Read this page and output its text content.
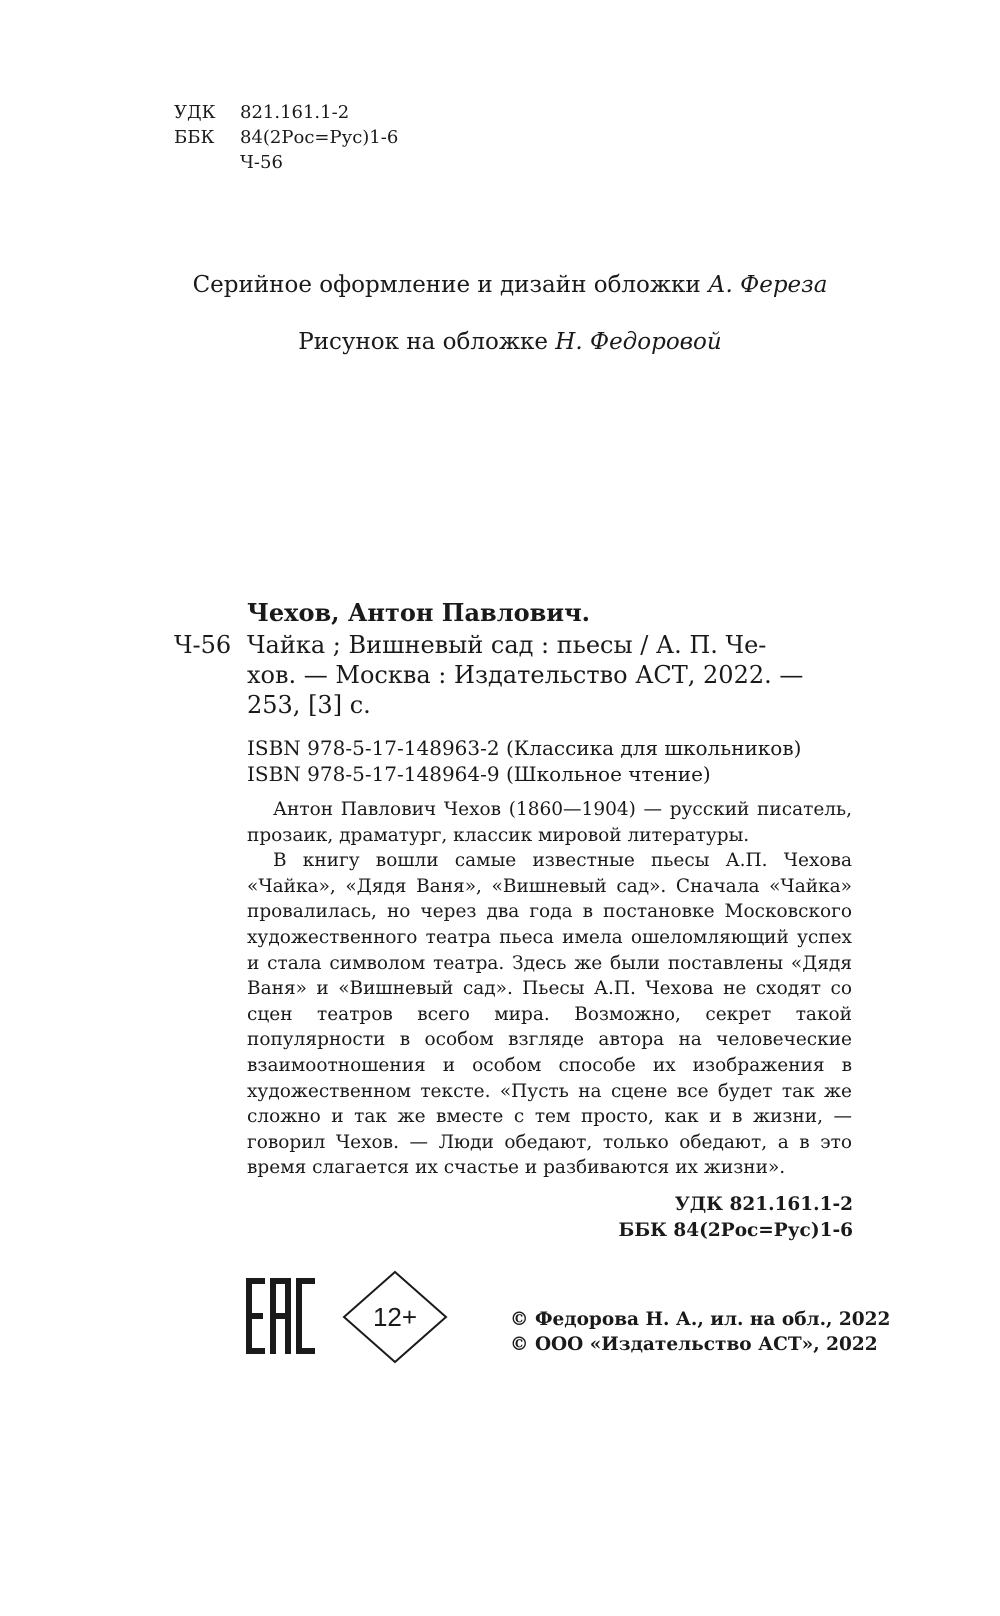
УДК	821.161.1-2
ББК	84(2Рос=Рус)1-6
Ч-56
Серийное оформление и дизайн обложки А. Фереза
Рисунок на обложке Н. Федоровой
Чехов, Антон Павлович.
Ч-56 Чайка ; Вишневый сад : пьесы / А. П. Че-
хов. — Москва : Издательство АСТ, 2022. —
253, [3] с.
ISBN 978-5-17-148963-2 (Классика для школьников)
ISBN 978-5-17-148964-9 (Школьное чтение)

Антон Павлович Чехов (1860—1904) — русский писатель, прозаик, драматург, классик мировой литературы.

В книгу вошли самые известные пьесы А.П. Чехова «Чайка», «Дядя Ваня», «Вишневый сад». Сначала «Чайка» провалилась, но через два года в постановке Московского художественного театра пьеса имела ошеломляющий успех и стала символом театра. Здесь же были поставлены «Дядя Ваня» и «Вишневый сад». Пьесы А.П. Чехова не сходят со сцен театров всего мира. Возможно, секрет такой популярности в особом взгляде автора на человеческие взаимоотношения и особом способе их изображения в художественном тексте. «Пусть на сцене все будет так же сложно и так же вместе с тем просто, как и в жизни, — говорил Чехов. — Люди обедают, только обедают, а в это время слагается их счастье и разбиваются их жизни».

УДК 821.161.1-2
ББК 84(2Рос=Рус)1-6
12+	© Федорова Н. А., ил. на обл., 2022
© ООО «Издательство АСТ», 2022
